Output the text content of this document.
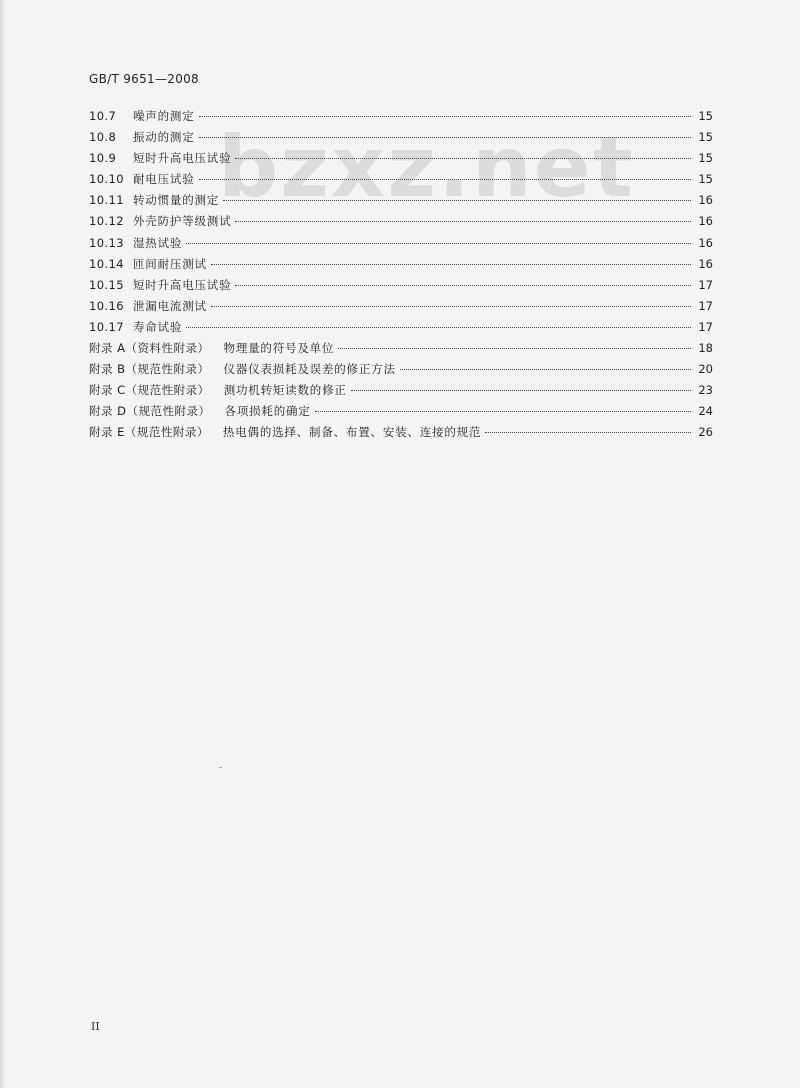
GB/T 9651—2008
bzxz.net
10.7	噪声的测定	15
10.8	振动的测定	15
10.9	短时升高电压试验	15
10.10 耐电压试验	15
10.11 转动惯量的测定	16
10.12 外壳防护等级测试	16
10.13 湿热试验	16
10.14 匝间耐压测试	16
10.15 短时升高电压试验	17
10.16 泄漏电流测试	17
10.17 寿命试验	17
附录 A（资料性附录） 物理量的符号及单位	18
附录 B（规范性附录） 仪器仪表损耗及误差的修正方法	20
附录 C（规范性附录） 测功机转矩读数的修正	23
附录 D（规范性附录） 各项损耗的确定	24
附录 E（规范性附录） 热电偶的选择、制备、布置、安装、连接的规范	26
II
